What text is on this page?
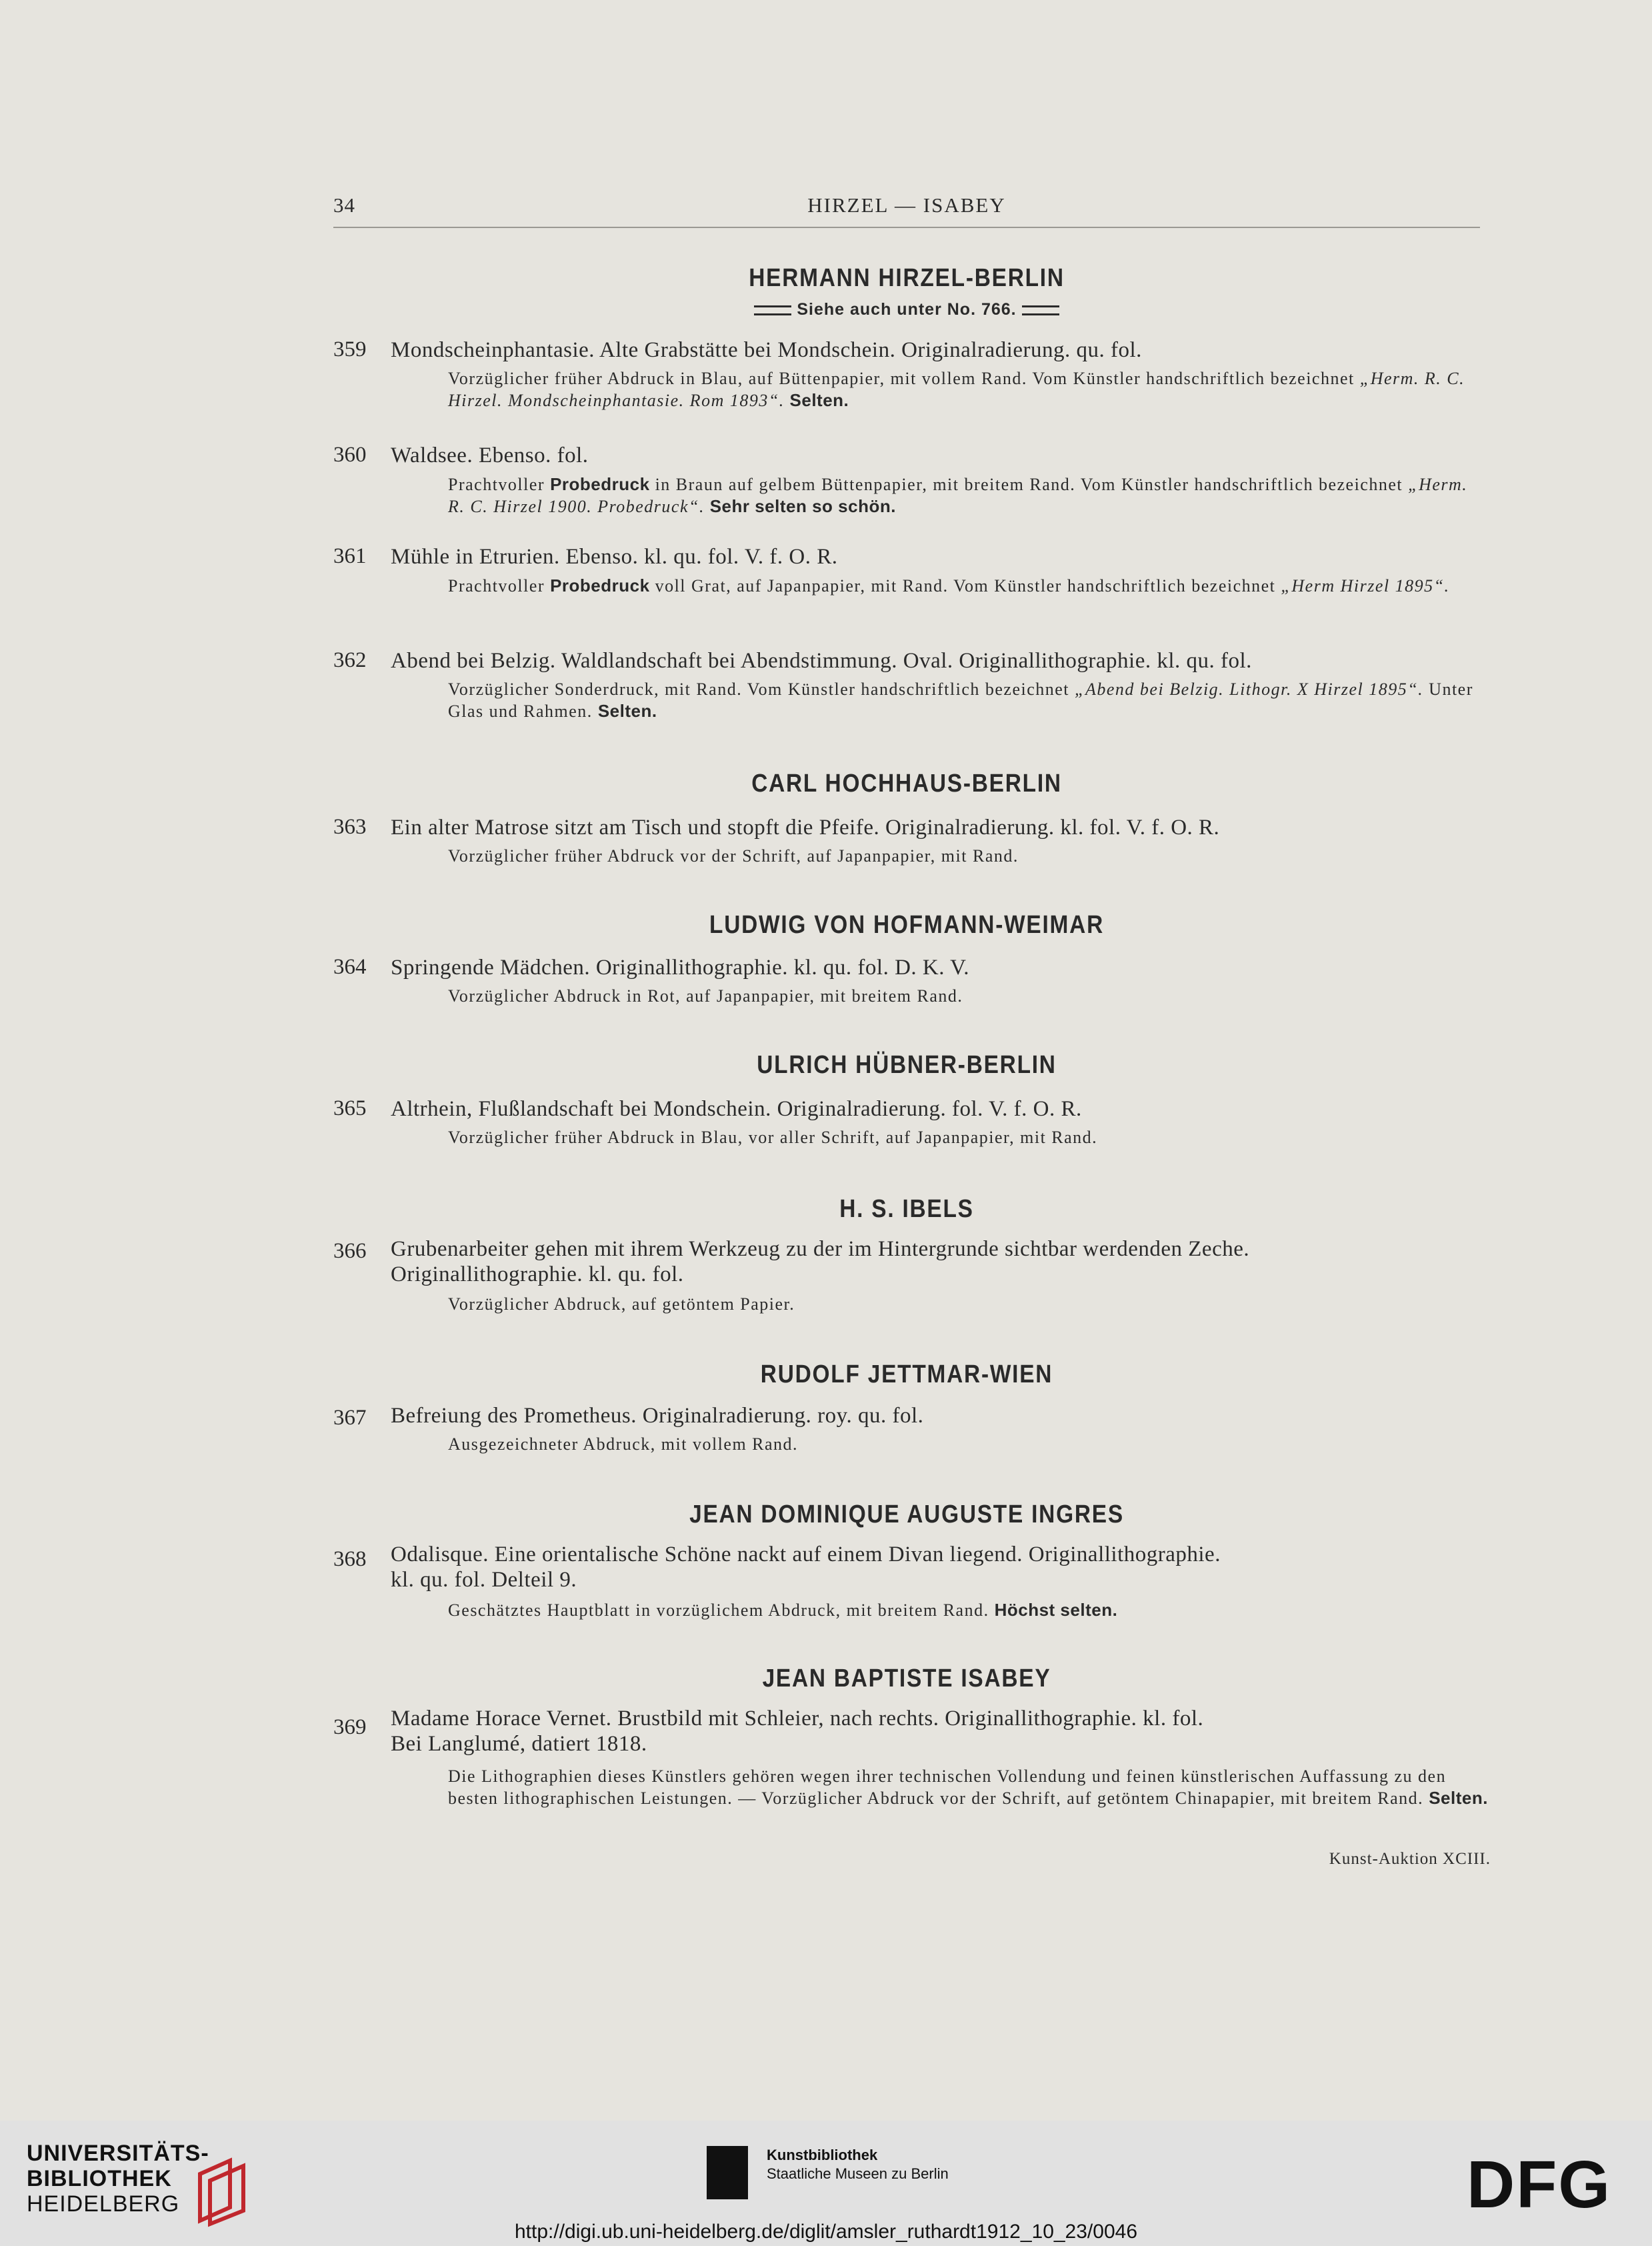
34	HIRZEL — ISABEY
HERMANN HIRZEL-BERLIN
Siehe auch unter No. 766.
359 Mondscheinphantasie. Alte Grabstätte bei Mondschein. Originalradierung. qu. fol.
Vorzüglicher früher Abdruck in Blau, auf Büttenpapier, mit vollem Rand. Vom Künstler handschriftlich bezeichnet „Herm. R. C. Hirzel. Mondscheinphantasie. Rom 1893“. Selten.
360 Waldsee. Ebenso. fol.
Prachtvoller Probedruck in Braun auf gelbem Büttenpapier, mit breitem Rand. Vom Künstler handschriftlich bezeichnet „Herm. R. C. Hirzel 1900. Probedruck“. Sehr selten so schön.
361 Mühle in Etrurien. Ebenso. kl. qu. fol. V. f. O. R.
Prachtvoller Probedruck voll Grat, auf Japanpapier, mit Rand. Vom Künstler handschriftlich bezeichnet „Herm Hirzel 1895“.
362 Abend bei Belzig. Waldlandschaft bei Abendstimmung. Oval. Originallithographie. kl. qu. fol.
Vorzüglicher Sonderdruck, mit Rand. Vom Künstler handschriftlich bezeichnet „Abend bei Belzig. Lithogr. X Hirzel 1895“. Unter Glas und Rahmen. Selten.
CARL HOCHHAUS-BERLIN
363 Ein alter Matrose sitzt am Tisch und stopft die Pfeife. Originalradierung. kl. fol. V. f. O. R.
Vorzüglicher früher Abdruck vor der Schrift, auf Japanpapier, mit Rand.
LUDWIG VON HOFMANN-WEIMAR
364 Springende Mädchen. Originallithographie. kl. qu. fol. D. K. V.
Vorzüglicher Abdruck in Rot, auf Japanpapier, mit breitem Rand.
ULRICH HÜBNER-BERLIN
365 Altrhein, Flußlandschaft bei Mondschein. Originalradierung. fol. V. f. O. R.
Vorzüglicher früher Abdruck in Blau, vor aller Schrift, auf Japanpapier, mit Rand.
H. S. IBELS
366 Grubenarbeiter gehen mit ihrem Werkzeug zu der im Hintergrunde sichtbar werdenden Zeche.
Originallithographie. kl. qu. fol.
Vorzüglicher Abdruck, auf getöntem Papier.
RUDOLF JETTMAR-WIEN
367 Befreiung des Prometheus. Originalradierung. roy. qu. fol.
Ausgezeichneter Abdruck, mit vollem Rand.
JEAN DOMINIQUE AUGUSTE INGRES
368 Odalisque. Eine orientalische Schöne nackt auf einem Divan liegend. Originallithographie.
kl. qu. fol. Delteil 9.
Geschätztes Hauptblatt in vorzüglichem Abdruck, mit breitem Rand. Höchst selten.
JEAN BAPTISTE ISABEY
369 Madame Horace Vernet. Brustbild mit Schleier, nach rechts. Originallithographie. kl. fol.
Bei Langlumé, datiert 1818.
Die Lithographien dieses Künstlers gehören wegen ihrer technischen Vollendung und feinen künstlerischen Auffassung zu den besten lithographischen Leistungen. — Vorzüglicher Abdruck vor der Schrift, auf getöntem Chinapapier, mit breitem Rand. Selten.
Kunst-Auktion XCIII.
UNIVERSITÄTS-
BIBLIOTHEK
HEIDELBERG
Kunstbibliothek
Staatliche Museen zu Berlin	DFG
http://digi.ub.uni-heidelberg.de/diglit/amsler_ruthardt1912_10_23/0046
